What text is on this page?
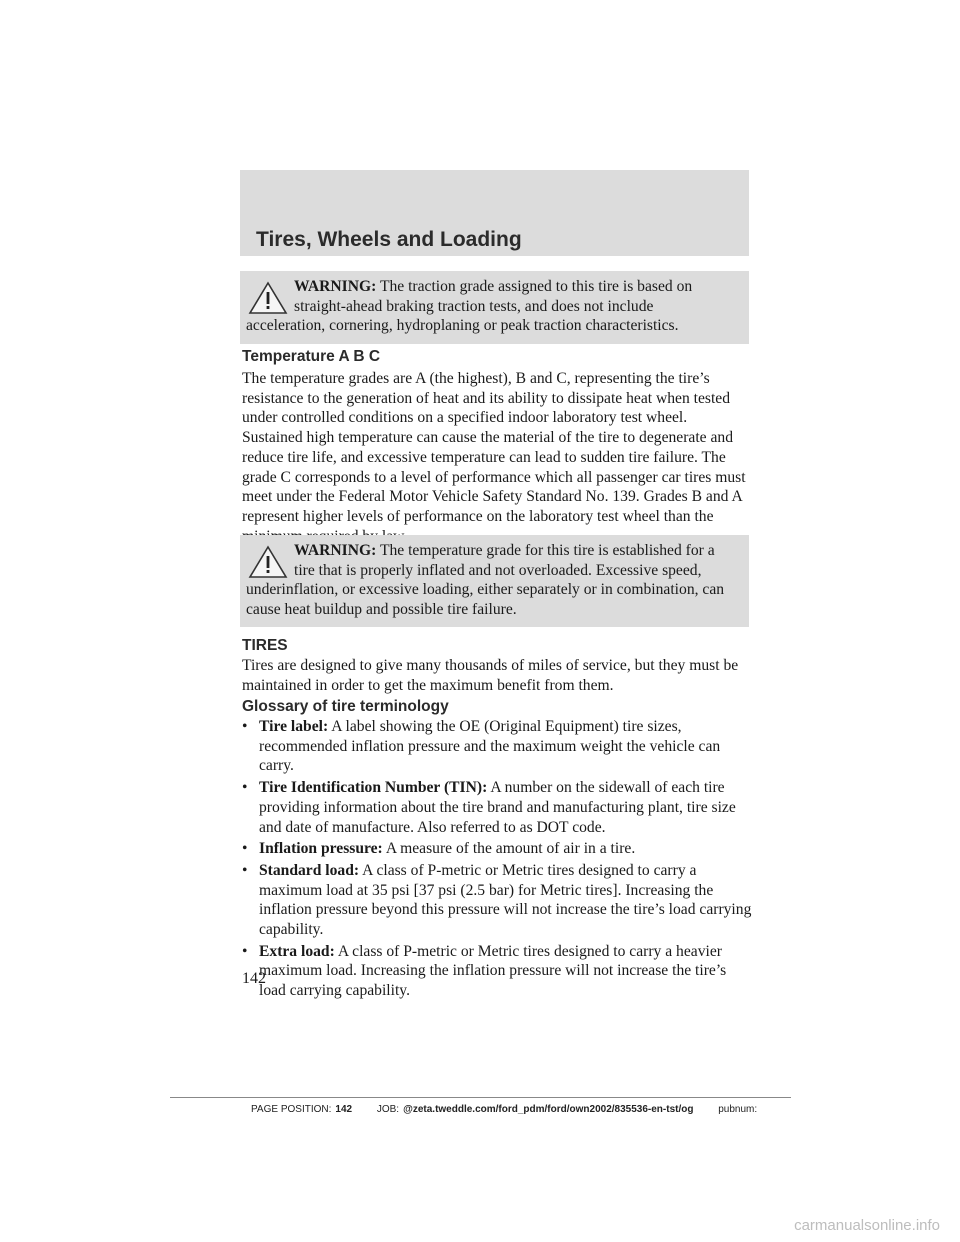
Tires, Wheels and Loading

WARNING: The traction grade assigned to this tire is based on straight-ahead braking traction tests, and does not include acceleration, cornering, hydroplaning or peak traction characteristics.

Temperature A B C

The temperature grades are A (the highest), B and C, representing the tire’s resistance to the generation of heat and its ability to dissipate heat when tested under controlled conditions on a specified indoor laboratory test wheel. Sustained high temperature can cause the material of the tire to degenerate and reduce tire life, and excessive temperature can lead to sudden tire failure. The grade C corresponds to a level of performance which all passenger car tires must meet under the Federal Motor Vehicle Safety Standard No. 139. Grades B and A represent higher levels of performance on the laboratory test wheel than the

WARNING: The temperature grade for this tire is established for a tire that is properly inflated and not overloaded. Excessive speed, underinflation, or excessive loading, either separately or in combination, can cause heat buildup and possible tire failure.

TIRES

Tires are designed to give many thousands of miles of service, but they must be maintained in order to get the maximum benefit from them.

Glossary of tire terminology
• Tire label: A label showing the OE (Original Equipment) tire sizes, recommended inflation pressure and the maximum weight the vehicle can carry.
• Tire Identification Number (TIN): A number on the sidewall of each tire providing information about the tire brand and manufacturing plant, tire size and date of manufacture. Also referred to as DOT code.
• Inflation pressure: A measure of the amount of air in a tire.
• Standard load: A class of P-metric or Metric tires designed to carry a maximum load at 35 psi [37 psi (2.5 bar) for Metric tires]. Increasing the inflation pressure beyond this pressure will not increase the tire’s load carrying capability.
• Extra load: A class of P-metric or Metric tires designed to carry a heavier maximum load. Increasing the inflation pressure will not increase the tire’s load carrying capability.

142

PAGE POSITION: 142 JOB: @zeta.tweddle.com/ford_pdm/ford/own2002/835536-en-tst/og pubnum:
carmanualsonline.info
